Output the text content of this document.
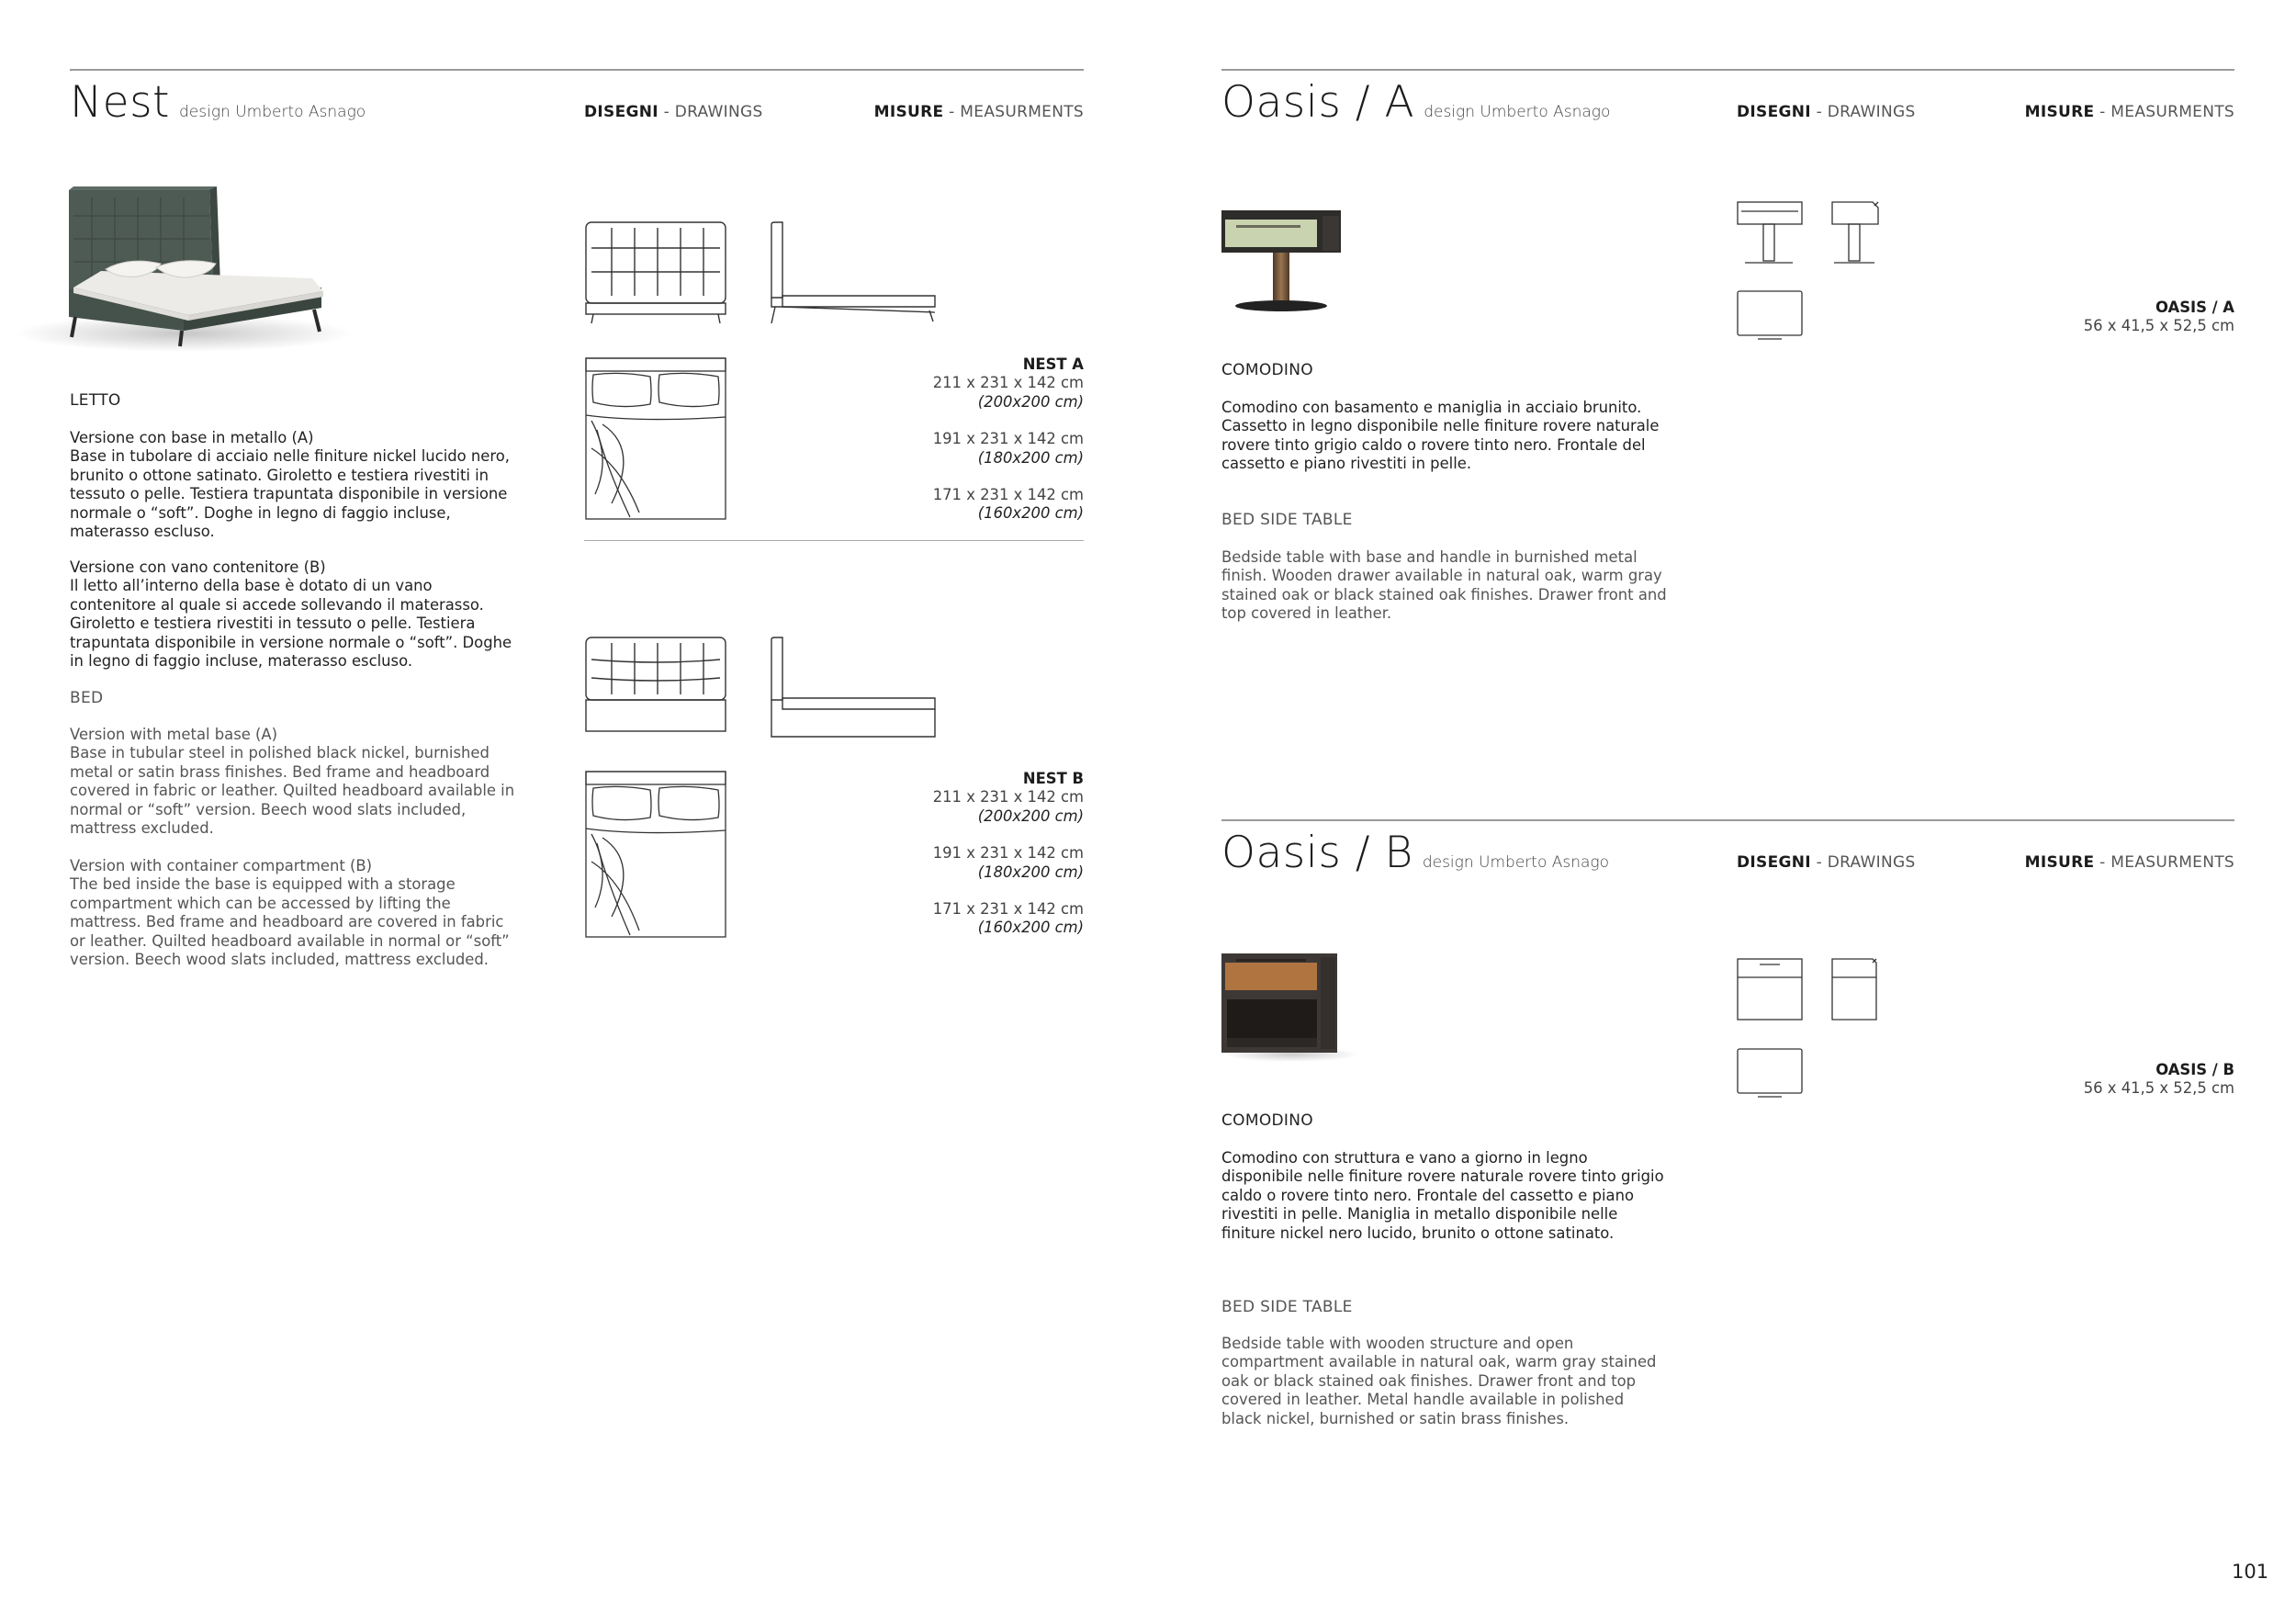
Nest design Umberto Asnago	DISEGNI - DRAWINGS	MISURE - MEASURMENTS
NEST A
211 x 231 x 142 cm
(200x200 cm)
191 x 231 x 142 cm
(180x200 cm)
171 x 231 x 142 cm
(160x200 cm)
NEST B
211 x 231 x 142 cm
(200x200 cm)
191 x 231 x 142 cm
(180x200 cm)
171 x 231 x 142 cm
(160x200 cm)
LETTO
Versione con base in metallo (A)
Base in tubolare di acciaio nelle finiture nickel lucido nero, brunito o ottone satinato. Giroletto e testiera rivestiti in tessuto o pelle. Testiera trapuntata disponibile in versione normale o “soft”. Doghe in legno di faggio incluse, materasso escluso.
Versione con vano contenitore (B)
Il letto all’interno della base è dotato di un vano contenitore al quale si accede sollevando il materasso. Giroletto e testiera rivestiti in tessuto o pelle. Testiera trapuntata disponibile in versione normale o “soft”. Doghe in legno di faggio incluse, materasso escluso.
BED
Version with metal base (A)
Base in tubular steel in polished black nickel, burnished metal or satin brass finishes. Bed frame and headboard covered in fabric or leather. Quilted headboard available in normal or “soft” version. Beech wood slats included, mattress excluded.
Version with container compartment (B)
The bed inside the base is equipped with a storage compartment which can be accessed by lifting the mattress. Bed frame and headboard are covered in fabric or leather. Quilted headboard available in normal or “soft” version. Beech wood slats included, mattress excluded.
Oasis / A design Umberto Asnago	DISEGNI - DRAWINGS	MISURE - MEASURMENTS
OASIS / A
56 x 41,5 x 52,5 cm
COMODINO
Comodino con basamento e maniglia in acciaio brunito. Cassetto in legno disponibile nelle finiture rovere naturale rovere tinto grigio caldo o rovere tinto nero. Frontale del cassetto e piano rivestiti in pelle.
BED SIDE TABLE
Bedside table with base and handle in burnished metal finish. Wooden drawer available in natural oak, warm gray stained oak or black stained oak finishes. Drawer front and top covered in leather.
Oasis / B design Umberto Asnago	DISEGNI - DRAWINGS	MISURE - MEASURMENTS
OASIS / B
56 x 41,5 x 52,5 cm
COMODINO
Comodino con struttura e vano a giorno in legno disponibile nelle finiture rovere naturale rovere tinto grigio caldo o rovere tinto nero. Frontale del cassetto e piano rivestiti in pelle. Maniglia in metallo disponibile nelle finiture nickel nero lucido, brunito o ottone satinato.
BED SIDE TABLE
Bedside table with wooden structure and open compartment available in natural oak, warm gray stained oak or black stained oak finishes. Drawer front and top covered in leather. Metal handle available in polished black nickel, burnished or satin brass finishes.
101
